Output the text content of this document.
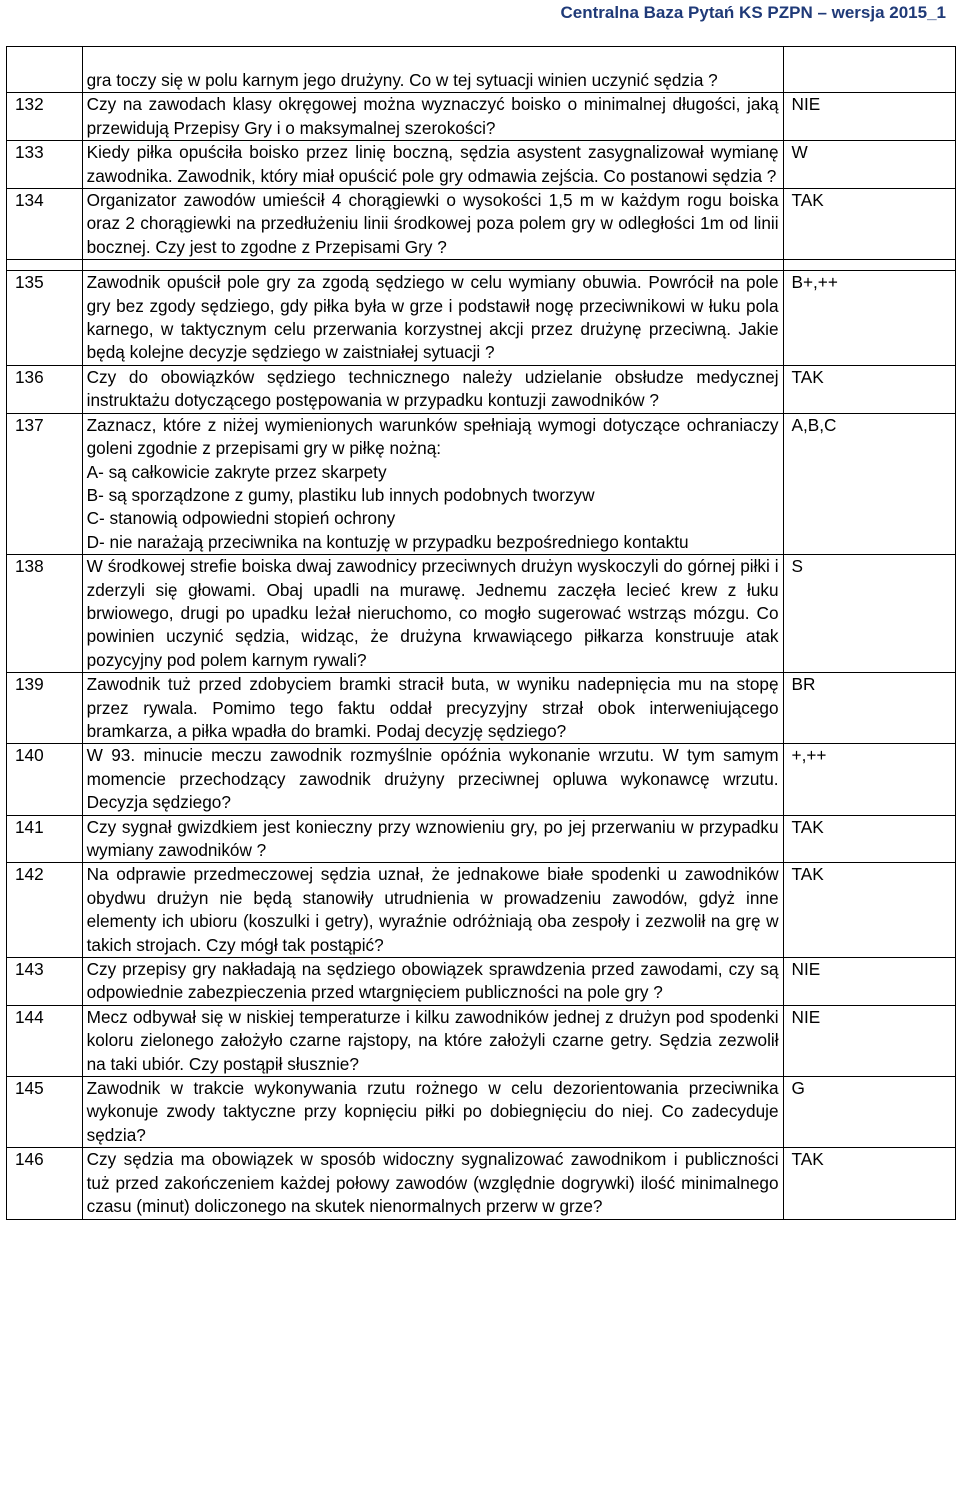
Centralna Baza Pytań KS PZPN – wersja 2015_1
	gra toczy się w polu karnym jego drużyny. Co w tej sytuacji winien uczynić sędzia ?	
132	Czy na zawodach klasy okręgowej można wyznaczyć boisko o minimalnej długości, jaką przewidują Przepisy Gry i o maksymalnej szerokości?	NIE
133	Kiedy piłka opuściła boisko przez linię boczną, sędzia asystent zasygnalizował wymianę zawodnika. Zawodnik, który miał opuścić pole gry odmawia zejścia. Co postanowi sędzia ?	W
134	Organizator zawodów umieścił 4 chorągiewki o wysokości 1,5 m w każdym rogu boiska oraz 2 chorągiewki na przedłużeniu linii środkowej poza polem gry w odległości 1m od linii bocznej. Czy jest to zgodne z Przepisami Gry ?	TAK

135	Zawodnik opuścił pole gry za zgodą sędziego w celu wymiany obuwia. Powrócił na pole gry bez zgody sędziego, gdy piłka była w grze i podstawił nogę przeciwnikowi w łuku pola karnego, w taktycznym celu przerwania korzystnej akcji przez drużynę przeciwną. Jakie będą kolejne decyzje sędziego w zaistniałej sytuacji ?	B+,++
136	Czy do obowiązków sędziego technicznego należy udzielanie obsłudze medycznej instruktażu dotyczącego postępowania w przypadku kontuzji zawodników ?	TAK
137	Zaznacz, które z niżej wymienionych warunków spełniają wymogi dotyczące ochraniaczy goleni zgodnie z przepisami gry w piłkę nożną:
A- są całkowicie zakryte przez skarpety
B- są sporządzone z gumy, plastiku lub innych podobnych tworzyw
C- stanowią odpowiedni stopień ochrony
D- nie narażają przeciwnika na kontuzję w przypadku bezpośredniego kontaktu	A,B,C
138	W środkowej strefie boiska dwaj zawodnicy przeciwnych drużyn wyskoczyli do górnej piłki i zderzyli się głowami. Obaj upadli na murawę. Jednemu zaczęła lecieć krew z łuku brwiowego, drugi po upadku leżał nieruchomo, co mogło sugerować wstrząs mózgu. Co powinien uczynić sędzia, widząc, że drużyna krwawiącego piłkarza konstruuje atak pozycyjny pod polem karnym rywali?	S
139	Zawodnik tuż przed zdobyciem bramki stracił buta, w wyniku nadepnięcia mu na stopę przez rywala. Pomimo tego faktu oddał precyzyjny strzał obok interweniującego bramkarza, a piłka wpadła do bramki. Podaj decyzję sędziego?	BR
140	W 93. minucie meczu zawodnik rozmyślnie opóźnia wykonanie wrzutu. W tym samym momencie przechodzący zawodnik drużyny przeciwnej opluwa wykonawcę wrzutu. Decyzja sędziego?	+,++
141	Czy sygnał gwizdkiem jest konieczny przy wznowieniu gry, po jej przerwaniu w przypadku wymiany zawodników ?	TAK
142	Na odprawie przedmeczowej sędzia uznał, że jednakowe białe spodenki u zawodników obydwu drużyn nie będą stanowiły utrudnienia w prowadzeniu zawodów, gdyż inne elementy ich ubioru (koszulki i getry), wyraźnie odróżniają oba zespoły i zezwolił na grę w takich strojach. Czy mógł tak postąpić?	TAK
143	Czy przepisy gry nakładają na sędziego obowiązek sprawdzenia przed zawodami, czy są odpowiednie zabezpieczenia przed wtargnięciem publiczności na pole gry ?	NIE
144	Mecz odbywał się w niskiej temperaturze i kilku zawodników jednej z drużyn pod spodenki koloru zielonego założyło czarne rajstopy, na które założyli czarne getry. Sędzia zezwolił na taki ubiór. Czy postąpił słusznie?	NIE
145	Zawodnik w trakcie wykonywania rzutu rożnego w celu dezorientowania przeciwnika wykonuje zwody taktyczne przy kopnięciu piłki po dobiegnięciu do niej. Co zadecyduje sędzia?	G
146	Czy sędzia ma obowiązek w sposób widoczny sygnalizować zawodnikom i publiczności tuż przed zakończeniem każdej połowy zawodów (względnie dogrywki) ilość minimalnego czasu (minut) doliczonego na skutek nienormalnych przerw w grze?	TAK
